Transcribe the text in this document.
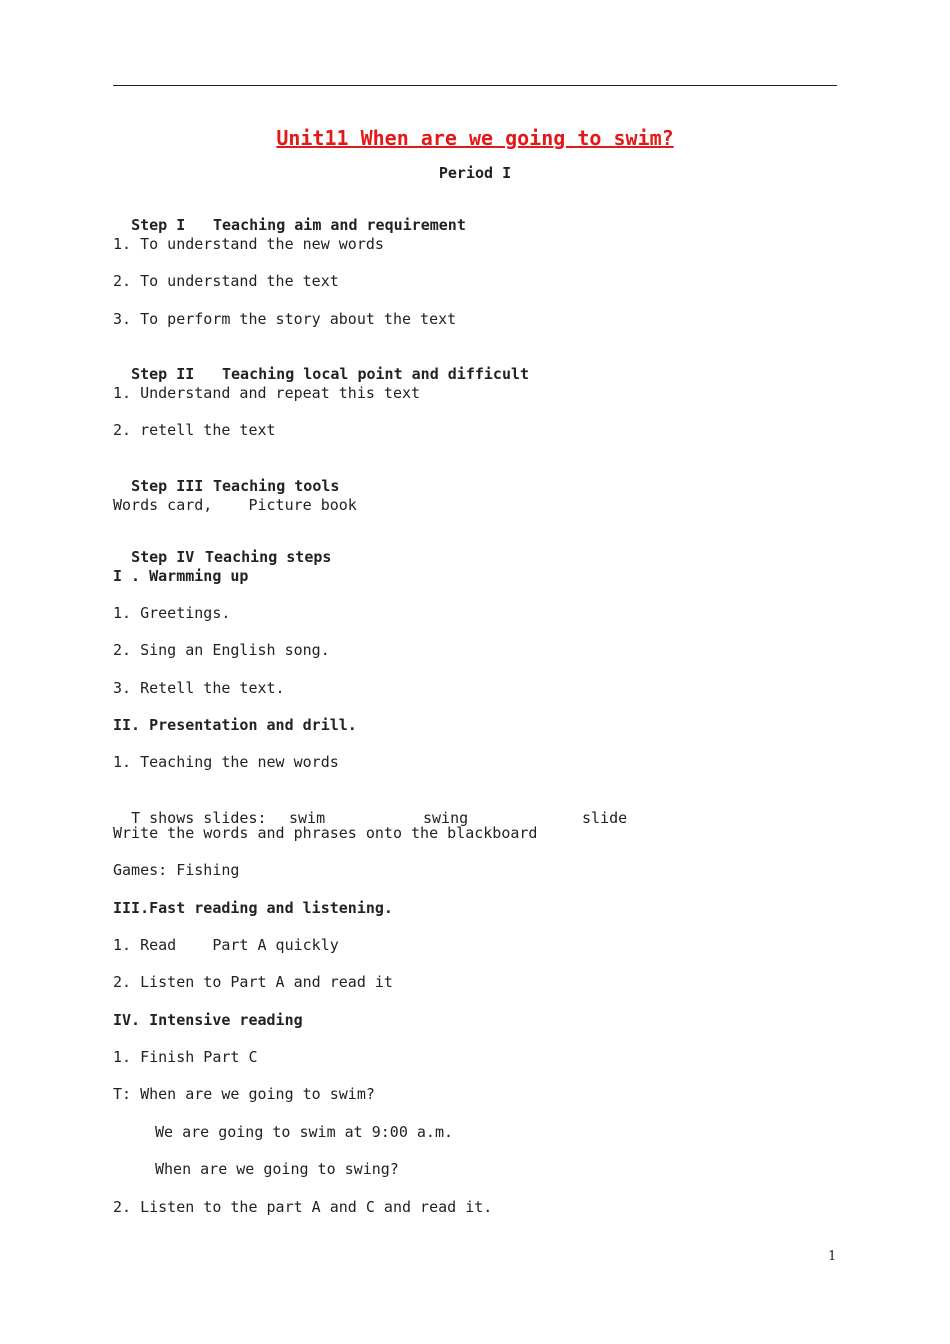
Unit11 When are we going to swim?
Period I

Step I Teaching aim and requirement

1. To understand the new words
2. To understand the text
3. To perform the story about the text

Step II Teaching local point and difficult

1. Understand and repeat this text
2. retell the text

Step III Teaching tools

Words card,    Picture book

Step IV Teaching steps

I . Warmming up
1. Greetings.
2. Sing an English song.
3. Retell the text.
II. Presentation and drill.
1. Teaching the new words

T shows slides: swim	swing	slide

Write the words and phrases onto the blackboard
Games: Fishing
III.Fast reading and listening.
1. Read    Part A quickly
2. Listen to Part A and read it
IV. Intensive reading
1. Finish Part C
T: When are we going to swim?
We are going to swim at 9:00 a.m.
When are we going to swing?
2. Listen to the part A and C and read it.
1
